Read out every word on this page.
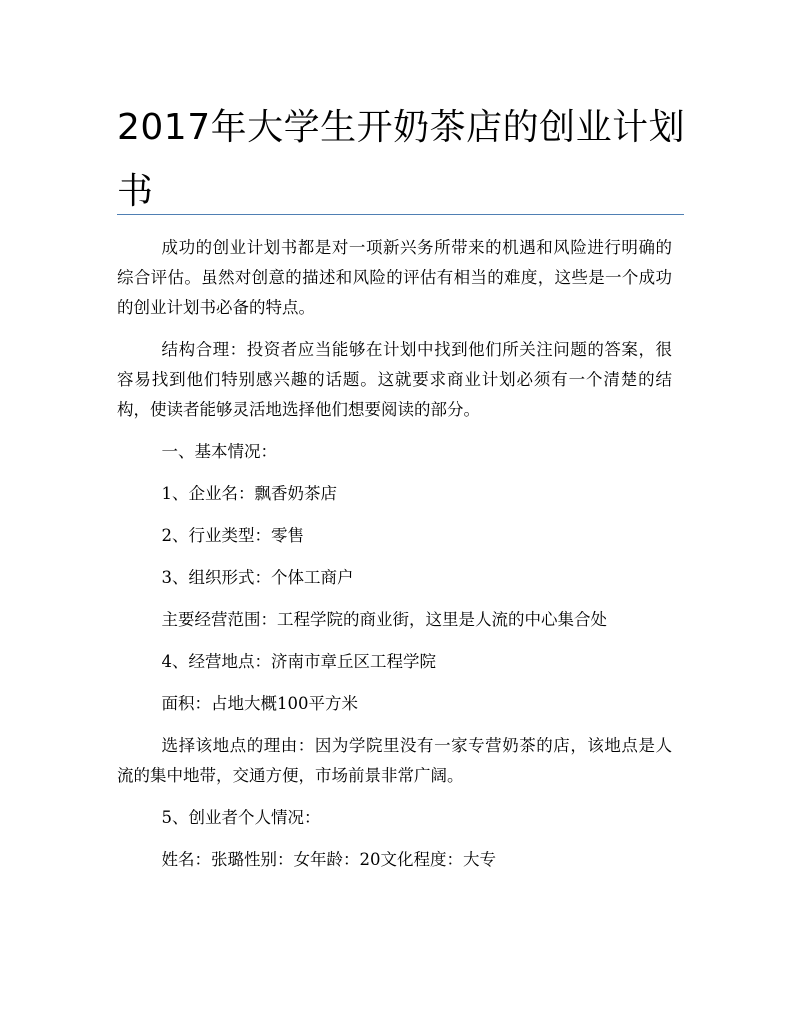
2017年大学生开奶茶店的创业计划书

成功的创业计划书都是对一项新兴务所带来的机遇和风险进行明确的综合评估。虽然对创意的描述和风险的评估有相当的难度，这些是一个成功的创业计划书必备的特点。

结构合理：投资者应当能够在计划中找到他们所关注问题的答案，很容易找到他们特别感兴趣的话题。这就要求商业计划必须有一个清楚的结构，使读者能够灵活地选择他们想要阅读的部分。

一、基本情况：

1、企业名：飘香奶茶店

2、行业类型：零售

3、组织形式：个体工商户

主要经营范围：工程学院的商业街，这里是人流的中心集合处

4、经营地点：济南市章丘区工程学院

面积：占地大概100平方米

选择该地点的理由：因为学院里没有一家专营奶茶的店，该地点是人流的集中地带，交通方便，市场前景非常广阔。

5、创业者个人情况：

姓名：张璐性别：女年龄：20文化程度：大专
